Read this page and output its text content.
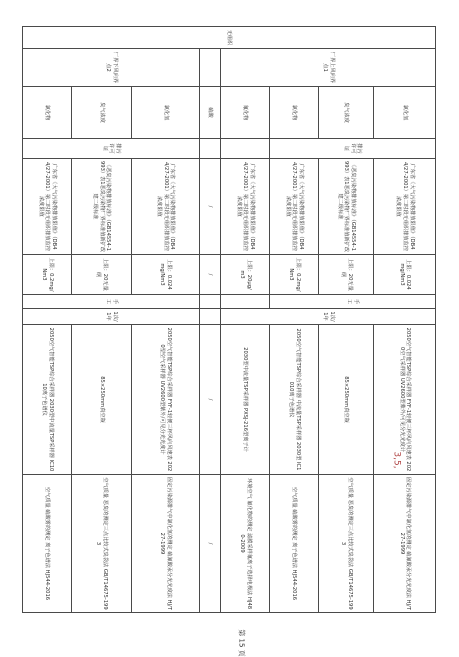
无组织	厂界上风向界点1	氯化氢	排污许可证	广东省《大气污染物排放限值》（DB44/27-2001）第二时段无组织排放监控浓度限值	上限：0.024mg/Nm3	手工	1次/1年	2050空气智能TSP综合采样器 FYF-1轻便三杯风向风速表 2020空气采样器 UV2600型紫外/可见分光光度计	固定污染源排气中氯化氢的测定 硫氰酸汞分光光度法 HJ/T 27-1999
		臭气浓度		《恶臭污染物排放标准》（GB14554-1993）表1恶臭污染物厂界标准值新扩改建二级标准	上限：20无量纲			85×250mm真空瓶	空气质量 恶臭的测定三点比较式臭袋法 GB/T14675-1993
		氯化物		广东省《大气污染物排放限值》（DB44/27-2001）第二时段无组织排放监控浓度限值	上限：0.2mg/Nm3			2050空气智能TSP综合采样器 中流量TSP采样器 2030型 IC1010离子色谱仪	空气质量 硫酸雾的测定 离子色谱法 HJ544-2016
		氟化物		广东省《大气污染物排放限值》（DB44/27-2001）第二时段无组织排放监控浓度限值	上限：20μg/m3			2030型中流量TSP采样器 PXSJ-216型离子计	环境空气 氟化物的测定 滤膜采样氟离子选择电极法 HJ480-2009
		硫酸		/	/			/	/
	厂界下风向界点2	氯化氢	排污许可证	广东省《大气污染物排放限值》（DB44/27-2001）第二时段无组织排放监控浓度限值	上限：0.024mg/Nm3	手工	1次/1年	2050空气智能TSP综合采样器 FYF-1轻便三杯风向风速表 2020型空气采样器 UV2600型紫外/可见分光光度计	固定污染源排气中氯化氢的测定 硫氰酸汞分光光度法 HJ/T 27-1999
		臭气浓度		《恶臭污染物排放标准》（GB14554-1993）表1恶臭污染物厂界标准值新扩改建二级标准	上限：20无量纲			85×250mm真空瓶	空气质量 恶臭的测定三点比较式臭袋法 GB/T14675-1993
		氯化物		广东省《大气污染物排放限值》（DB44/27-2001）第二时段无组织排放监控浓度限值	上限：0.2mg/Nm3			2050空气智能TSP综合采样器 2030型中流量TSP采样器 IC1010离子色谱仪	空气质量 硫酸雾的测定 离子色谱法 HJ544-2016
第 15 页
3,5,
